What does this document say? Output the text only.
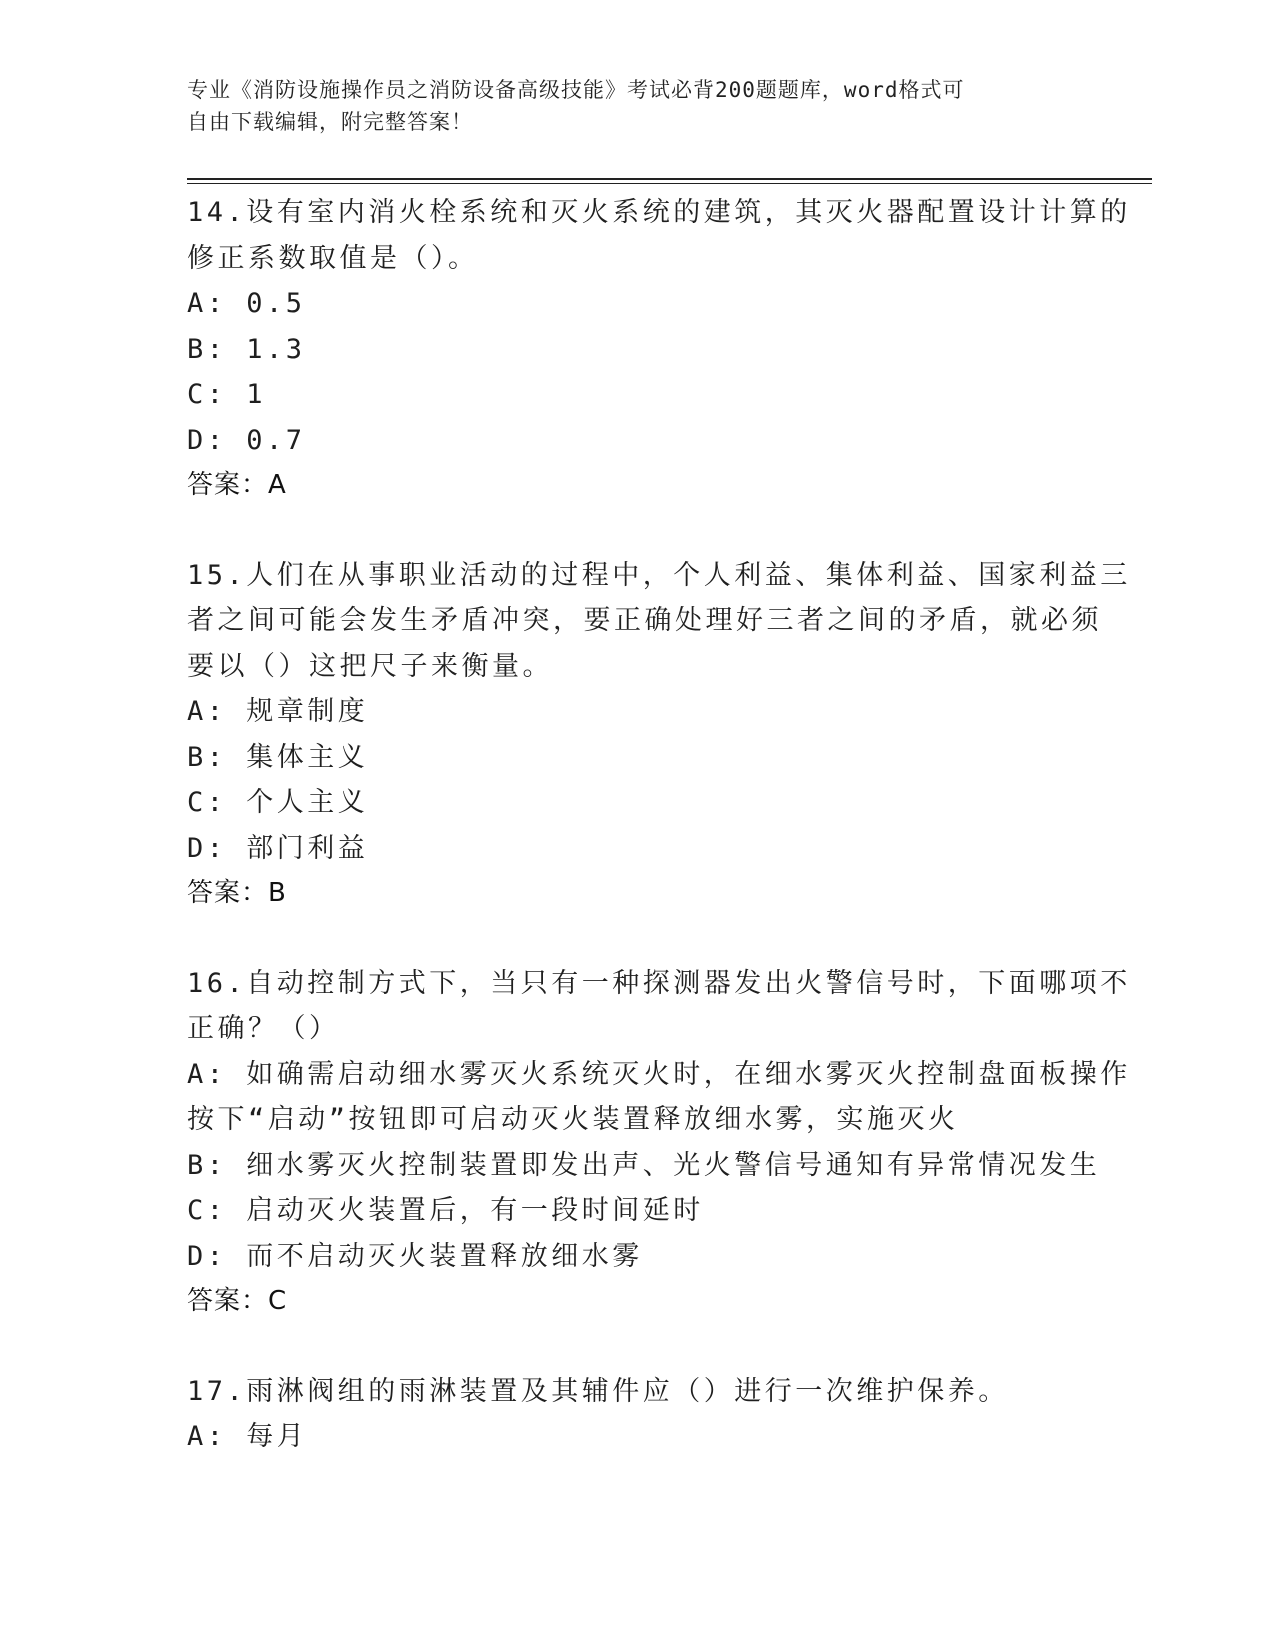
专业《消防设施操作员之消防设备高级技能》考试必背200题题库，word格式可
自由下载编辑，附完整答案！
14.设有室内消火栓系统和灭火系统的建筑，其灭火器配置设计计算的
修正系数取值是（）。
A: 0.5
B: 1.3
C: 1
D: 0.7
答案：A
15.人们在从事职业活动的过程中，个人利益、集体利益、国家利益三
者之间可能会发生矛盾冲突，要正确处理好三者之间的矛盾，就必须
要以（）这把尺子来衡量。
A: 规章制度
B: 集体主义
C: 个人主义
D: 部门利益
答案：B
16.自动控制方式下，当只有一种探测器发出火警信号时，下面哪项不
正确？（）
A: 如确需启动细水雾灭火系统灭火时，在细水雾灭火控制盘面板操作
按下“启动”按钮即可启动灭火装置释放细水雾，实施灭火
B: 细水雾灭火控制装置即发出声、光火警信号通知有异常情况发生
C: 启动灭火装置后，有一段时间延时
D: 而不启动灭火装置释放细水雾
答案：C
17.雨淋阀组的雨淋装置及其辅件应（）进行一次维护保养。
A: 每月
